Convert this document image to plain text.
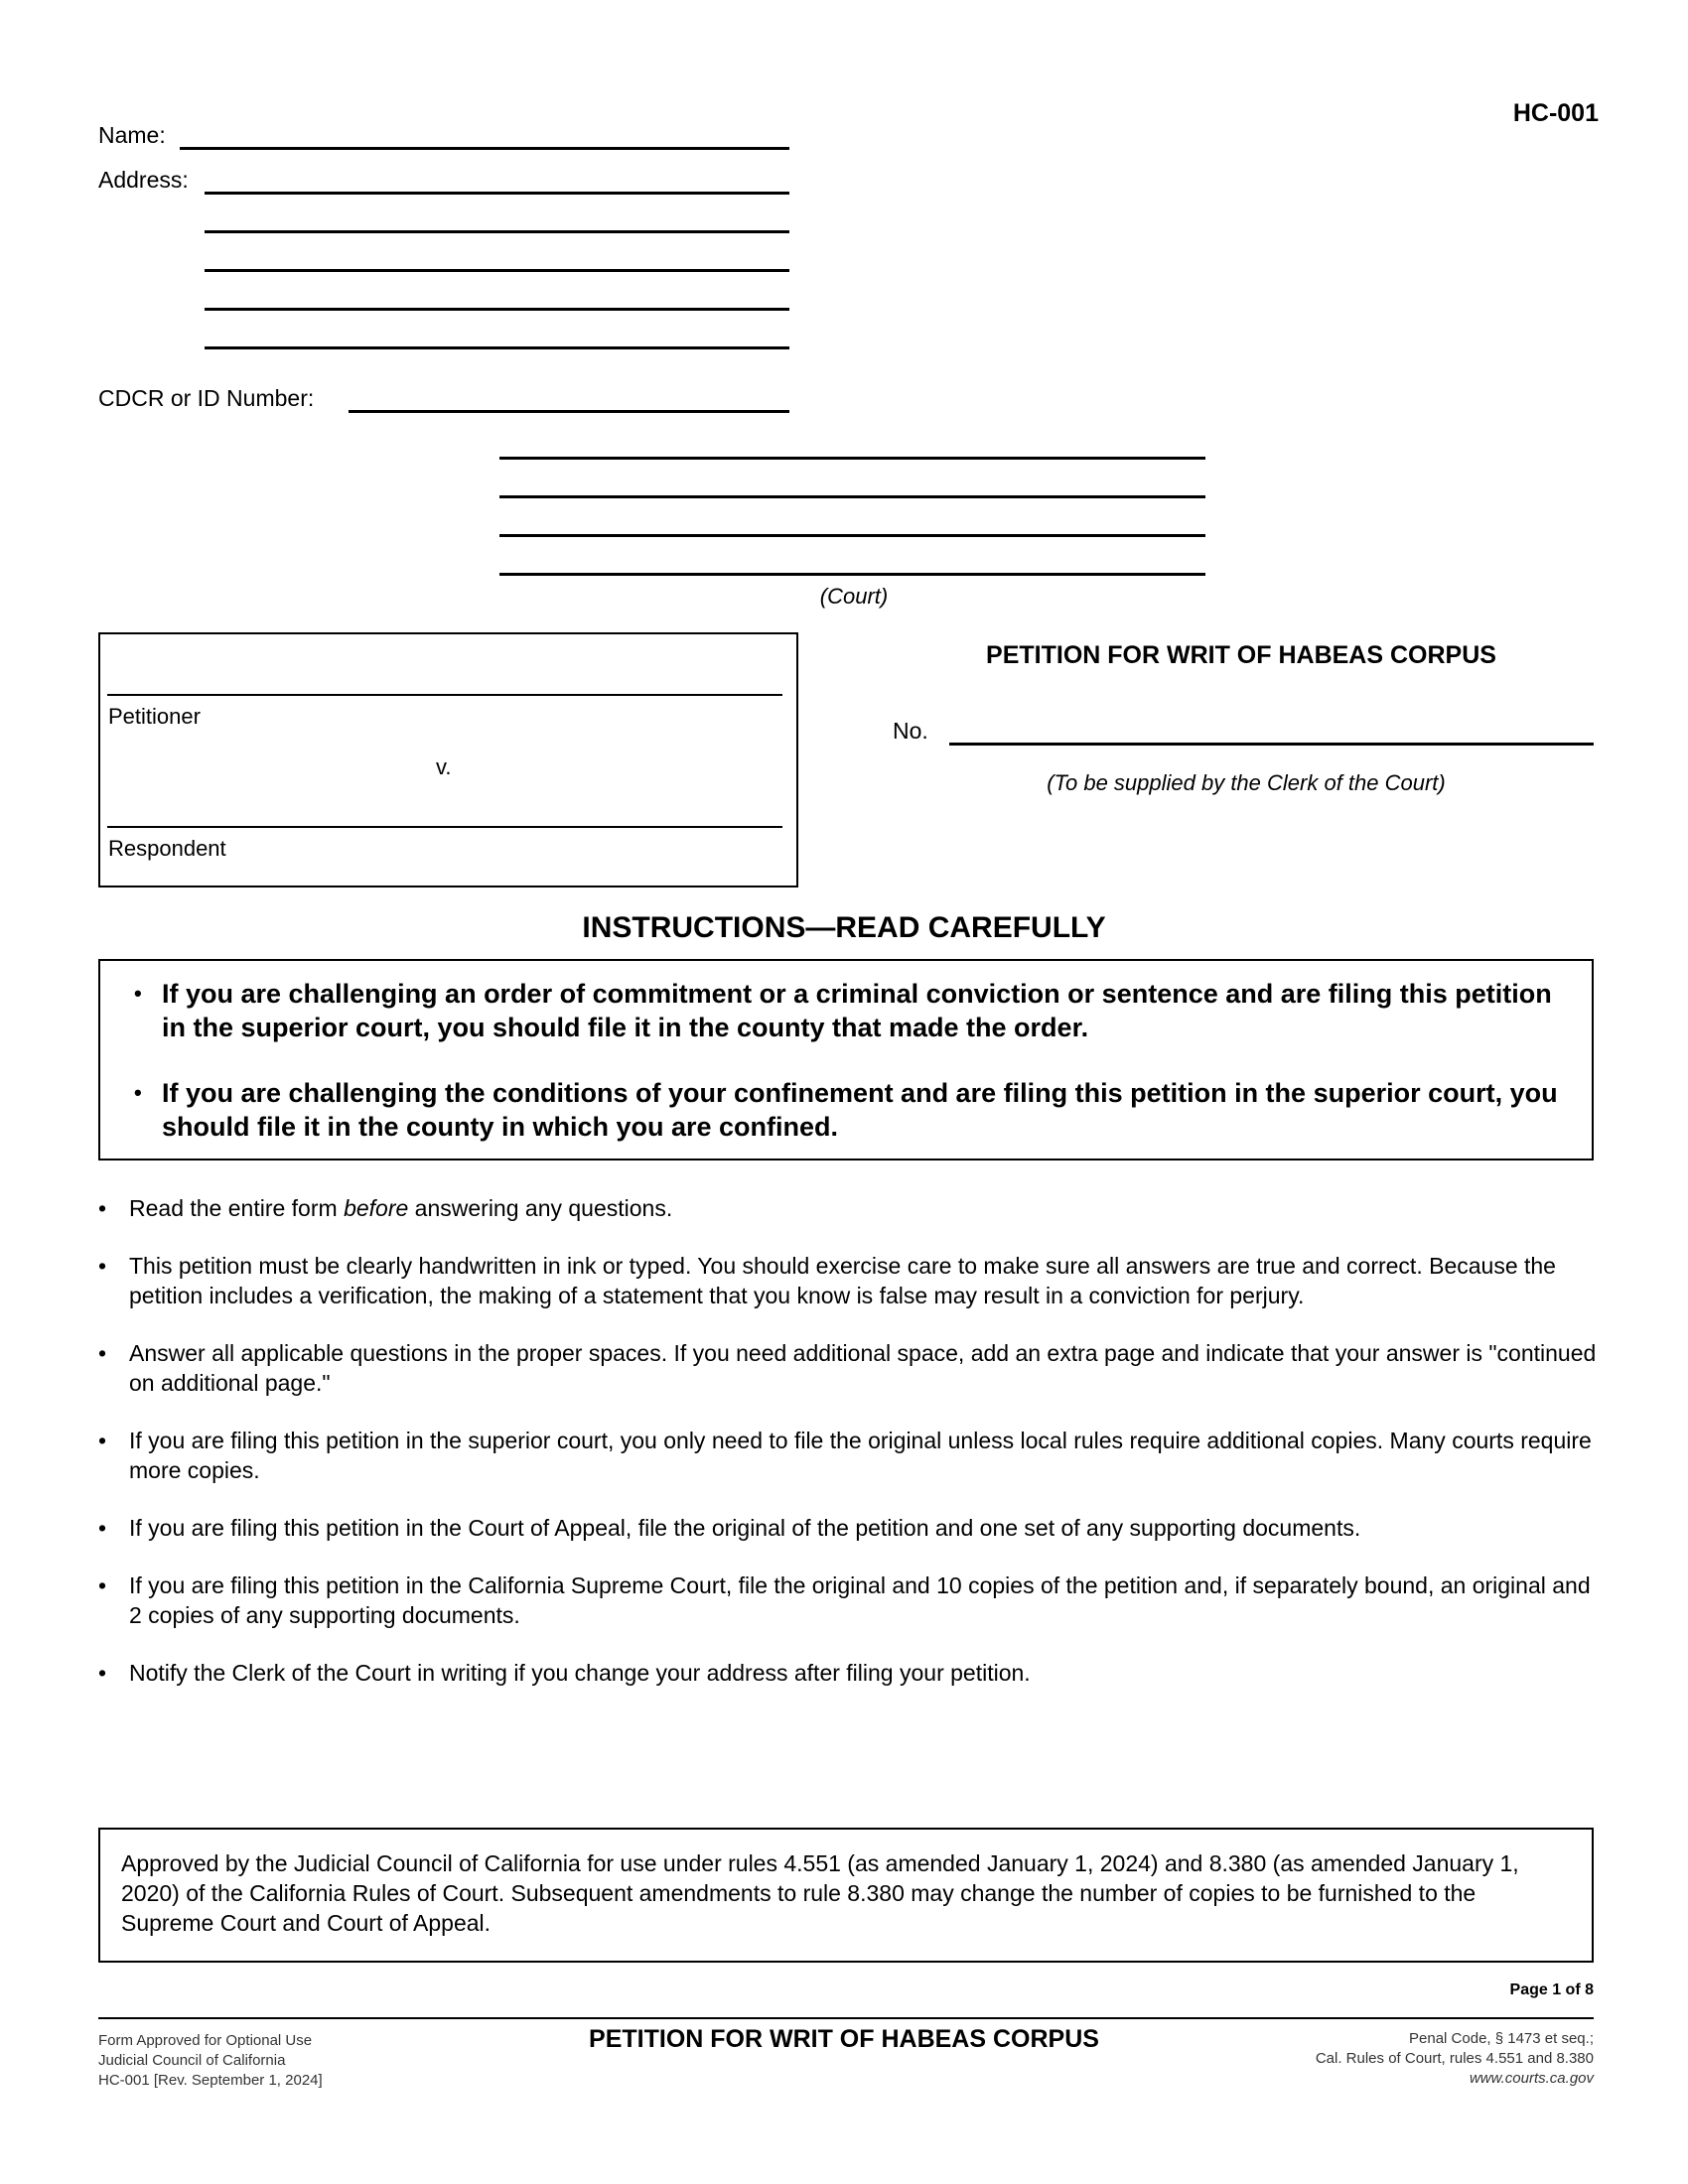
HC-001
Name:
Address:
CDCR or ID Number:
(Court)
Petitioner
v.
Respondent
PETITION FOR WRIT OF HABEAS CORPUS
No.
(To be supplied by the Clerk of the Court)
INSTRUCTIONS—READ CAREFULLY
• If you are challenging an order of commitment or a criminal conviction or sentence and are filing this petition in the superior court, you should file it in the county that made the order.
• If you are challenging the conditions of your confinement and are filing this petition in the superior court, you should file it in the county in which you are confined.
• Read the entire form before answering any questions.
• This petition must be clearly handwritten in ink or typed. You should exercise care to make sure all answers are true and correct. Because the petition includes a verification, the making of a statement that you know is false may result in a conviction for perjury.
• Answer all applicable questions in the proper spaces. If you need additional space, add an extra page and indicate that your answer is "continued on additional page."
• If you are filing this petition in the superior court, you only need to file the original unless local rules require additional copies. Many courts require more copies.
• If you are filing this petition in the Court of Appeal, file the original of the petition and one set of any supporting documents.
• If you are filing this petition in the California Supreme Court, file the original and 10 copies of the petition and, if separately bound, an original and 2 copies of any supporting documents.
• Notify the Clerk of the Court in writing if you change your address after filing your petition.
Approved by the Judicial Council of California for use under rules 4.551 (as amended January 1, 2024) and 8.380 (as amended January 1, 2020) of the California Rules of Court. Subsequent amendments to rule 8.380 may change the number of copies to be furnished to the Supreme Court and Court of Appeal.
Page 1 of 8
Form Approved for Optional Use
Judicial Council of California
HC-001 [Rev. September 1, 2024]
PETITION FOR WRIT OF HABEAS CORPUS	Penal Code, § 1473 et seq.;
Cal. Rules of Court, rules 4.551 and 8.380
www.courts.ca.gov
